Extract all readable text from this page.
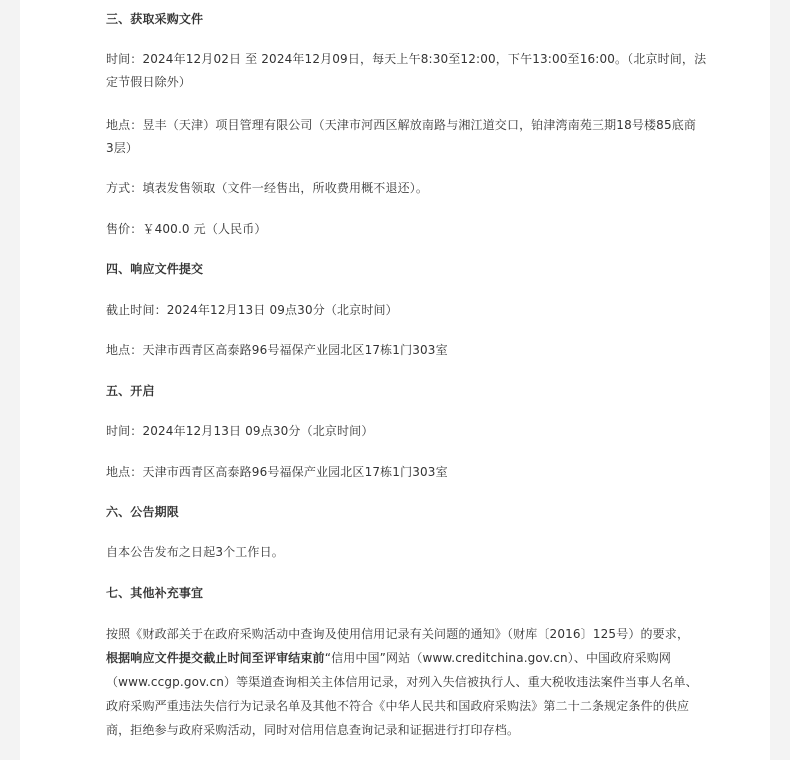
三、获取采购文件
时间：2024年12月02日 至 2024年12月09日，每天上午8:30至12:00，下午13:00至16:00。（北京时间，法
定节假日除外）
地点：昱丰（天津）项目管理有限公司（天津市河西区解放南路与湘江道交口，铂津湾南苑三期18号楼85底商
3层）
方式：填表发售领取（文件一经售出，所收费用概不退还）。
售价：￥400.0 元（人民币）
四、响应文件提交
截止时间：2024年12月13日 09点30分（北京时间）
地点：天津市西青区高泰路96号福保产业园北区17栋1门303室
五、开启
时间：2024年12月13日 09点30分（北京时间）
地点：天津市西青区高泰路96号福保产业园北区17栋1门303室
六、公告期限
自本公告发布之日起3个工作日。
七、其他补充事宜
按照《财政部关于在政府采购活动中查询及使用信用记录有关问题的通知》（财库〔2016〕125号）的要求，
根据响应文件提交截止时间至评审结束前“信用中国”网站（www.creditchina.gov.cn）、中国政府采购网
（www.ccgp.gov.cn）等渠道查询相关主体信用记录，对列入失信被执行人、重大税收违法案件当事人名单、
政府采购严重违法失信行为记录名单及其他不符合《中华人民共和国政府采购法》第二十二条规定条件的供应
商，拒绝参与政府采购活动，同时对信用信息查询记录和证据进行打印存档。
